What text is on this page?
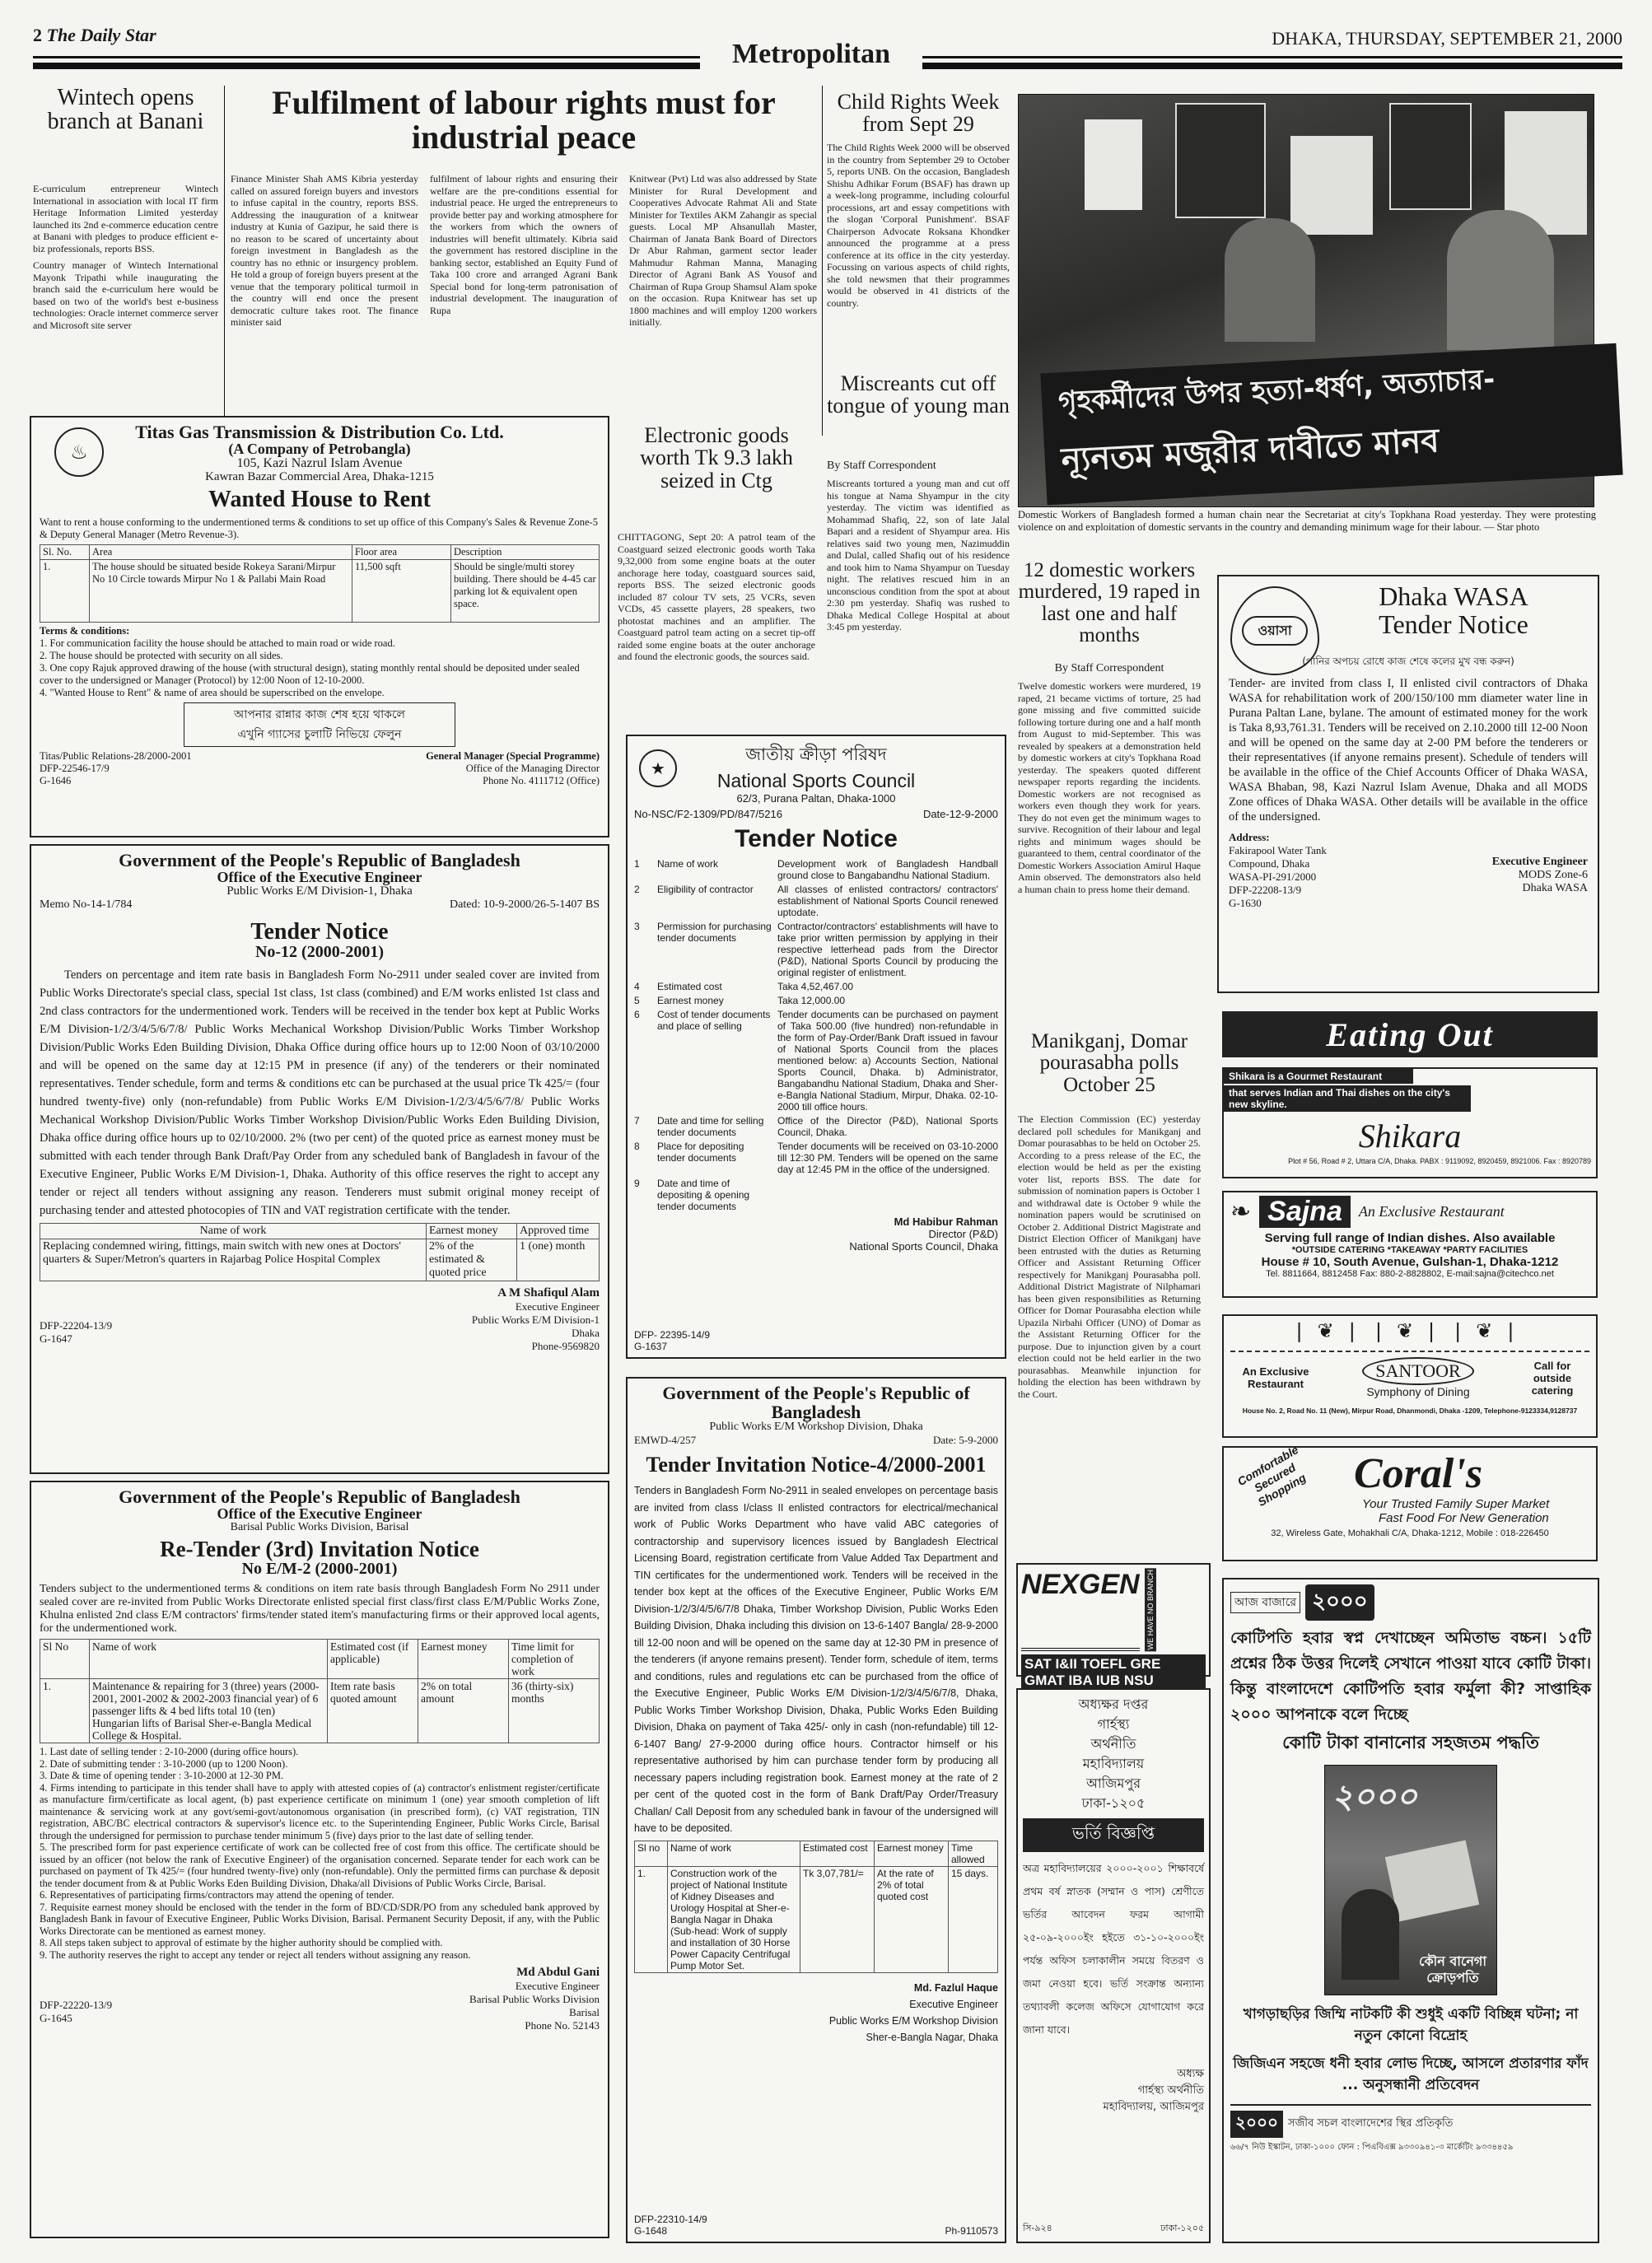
2 The Daily Star
Metropolitan
DHAKA, THURSDAY, SEPTEMBER 21, 2000
Wintech opens branch at Banani
E-curriculum entrepreneur Wintech International in association with local IT firm Heritage Information Limited yesterday launched its 2nd e-commerce education centre at Banani with pledges to produce efficient e-biz professionals, reports BSS.
Country manager of Wintech International Mayonk Tripathi while inaugurating the branch said the e-curriculum here would be based on two of the world's best e-business technologies: Oracle internet commerce server and Microsoft site server
Fulfilment of labour rights must for industrial peace
Finance Minister Shah AMS Kibria yesterday called on assured foreign buyers and investors to infuse capital in the country, reports BSS. Addressing the inauguration of a knitwear industry at Kunia of Gazipur, he said there is no reason to be scared of uncertainty about foreign investment in Bangladesh as the country has no ethnic or insurgency problem. He told a group of foreign buyers present at the venue that the temporary political turmoil in the country will end once the present democratic culture takes root. The finance minister said
fulfilment of labour rights and ensuring their welfare are the pre-conditions essential for industrial peace. He urged the entrepreneurs to provide better pay and working atmosphere for the workers from which the owners of industries will benefit ultimately. Kibria said the government has restored discipline in the banking sector, established an Equity Fund of Taka 100 crore and arranged Agrani Bank Special bond for long-term patronisation of industrial development. The inauguration of Rupa
Knitwear (Pvt) Ltd was also addressed by State Minister for Rural Development and Cooperatives Advocate Rahmat Ali and State Minister for Textiles AKM Zahangir as special guests. Local MP Ahsanullah Master, Chairman of Janata Bank Board of Directors Dr Abur Rahman, garment sector leader Mahmudur Rahman Manna, Managing Director of Agrani Bank AS Yousof and Chairman of Rupa Group Shamsul Alam spoke on the occasion. Rupa Knitwear has set up 1800 machines and will employ 1200 workers initially.
Child Rights Week from Sept 29
The Child Rights Week 2000 will be observed in the country from September 29 to October 5, reports UNB. On the occasion, Bangladesh Shishu Adhikar Forum (BSAF) has drawn up a week-long programme, including colourful processions, art and essay competitions with the slogan 'Corporal Punishment'. BSAF Chairperson Advocate Roksana Khondker announced the programme at a press conference at its office in the city yesterday. Focussing on various aspects of child rights, she told newsmen that their programmes would be observed in 41 districts of the country.
Miscreants cut off tongue of young man
By Staff Correspondent
Miscreants tortured a young man and cut off his tongue at Nama Shyampur in the city yesterday. The victim was identified as Mohammad Shafiq, 22, son of late Jalal Bapari and a resident of Shyampur area. His relatives said two young men, Nazimuddin and Dulal, called Shafiq out of his residence and took him to Nama Shyampur on Tuesday night. The relatives rescued him in an unconscious condition from the spot at about 2:30 pm yesterday. Shafiq was rushed to Dhaka Medical College Hospital at about 3:45 pm yesterday.
Electronic goods worth Tk 9.3 lakh seized in Ctg
CHITTAGONG, Sept 20: A patrol team of the Coastguard seized electronic goods worth Taka 9,32,000 from some engine boats at the outer anchorage here today, coastguard sources said, reports BSS. The seized electronic goods included 87 colour TV sets, 25 VCRs, seven VCDs, 45 cassette players, 28 speakers, two photostat machines and an amplifier. The Coastguard patrol team acting on a secret tip-off raided some engine boats at the outer anchorage and found the electronic goods, the sources said.
গৃহকর্মীদের উপর হত্যা-ধর্ষণ, অত্যাচার-
ন্যূনতম মজুরীর দাবীতে মানব
Domestic Workers of Bangladesh formed a human chain near the Secretariat at city's Topkhana Road yesterday. They were protesting violence on and exploitation of domestic servants in the country and demanding minimum wage for their labour. — Star photo
12 domestic workers murdered, 19 raped in last one and half months
By Staff Correspondent
Twelve domestic workers were murdered, 19 raped, 21 became victims of torture, 25 had gone missing and five committed suicide following torture during one and a half month from August to mid-September. This was revealed by speakers at a demonstration held by domestic workers at city's Topkhana Road yesterday. The speakers quoted different newspaper reports regarding the incidents. Domestic workers are not recognised as workers even though they work for years. They do not even get the minimum wages to survive. Recognition of their labour and legal rights and minimum wages should be guaranteed to them, central coordinator of the Domestic Workers Association Amirul Haque Amin observed. The demonstrators also held a human chain to press home their demand.
Manikganj, Domar pourasabha polls October 25
The Election Commission (EC) yesterday declared poll schedules for Manikganj and Domar pourasabhas to be held on October 25. According to a press release of the EC, the election would be held as per the existing voter list, reports BSS. The date for submission of nomination papers is October 1 and withdrawal date is October 9 while the nomination papers would be scrutinised on October 2. Additional District Magistrate and District Election Officer of Manikganj have been entrusted with the duties as Returning Officer and Assistant Returning Officer respectively for Manikganj Pourasabha poll. Additional District Magistrate of Nilphamari has been given responsibilities as Returning Officer for Domar Pourasabha election while Upazila Nirbahi Officer (UNO) of Domar as the Assistant Returning Officer for the purpose. Due to injunction given by a court election could not be held earlier in the two pourasabhas. Meanwhile injunction for holding the election has been withdrawn by the Court.
♨
Titas Gas Transmission & Distribution Co. Ltd.
(A Company of Petrobangla)
105, Kazi Nazrul Islam Avenue
Kawran Bazar Commercial Area, Dhaka-1215
Wanted House to Rent
Want to rent a house conforming to the undermentioned terms & conditions to set up office of this Company's Sales & Revenue Zone-5 & Deputy General Manager (Metro Revenue-3).
Sl. No.	Area	Floor area	Description
1.	The house should be situated beside Rokeya Sarani/Mirpur No 10 Circle towards Mirpur No 1 & Pallabi Main Road	11,500 sqft	Should be single/multi storey building. There should be 4-45 car parking lot & equivalent open space.
Terms & conditions:
1. For communication facility the house should be attached to main road or wide road.
2. The house should be protected with security on all sides.
3. One copy Rajuk approved drawing of the house (with structural design), stating monthly rental should be deposited under sealed cover to the undersigned or Manager (Protocol) by 12:00 Noon of 12-10-2000.
4. "Wanted House to Rent" & name of area should be superscribed on the envelope.
আপনার রান্নার কাজ শেষ হয়ে থাকলে
এখুনি গ্যাসের চুলাটি নিভিয়ে ফেলুন
Titas/Public Relations-28/2000-2001
DFP-22546-17/9
G-1646
General Manager (Special Programme)
Office of the Managing Director
Phone No. 4111712 (Office)
Government of the People's Republic of Bangladesh
Office of the Executive Engineer
Public Works E/M Division-1, Dhaka
Memo No-14-1/784	Dated: 10-9-2000/26-5-1407 BS
Tender Notice
No-12 (2000-2001)
Tenders on percentage and item rate basis in Bangladesh Form No-2911 under sealed cover are invited from Public Works Directorate's special class, special 1st class, 1st class (combined) and E/M works enlisted 1st class and 2nd class contractors for the undermentioned work. Tenders will be received in the tender box kept at Public Works E/M Division-1/2/3/4/5/6/7/8/ Public Works Mechanical Workshop Division/Public Works Timber Workshop Division/Public Works Eden Building Division, Dhaka Office during office hours up to 12:00 Noon of 03/10/2000 and will be opened on the same day at 12:15 PM in presence (if any) of the tenderers or their nominated representatives. Tender schedule, form and terms & conditions etc can be purchased at the usual price Tk 425/= (four hundred twenty-five) only (non-refundable) from Public Works E/M Division-1/2/3/4/5/6/7/8/ Public Works Mechanical Workshop Division/Public Works Timber Workshop Division/Public Works Eden Building Division, Dhaka office during office hours up to 02/10/2000. 2% (two per cent) of the quoted price as earnest money must be submitted with each tender through Bank Draft/Pay Order from any scheduled bank of Bangladesh in favour of the Executive Engineer, Public Works E/M Division-1, Dhaka. Authority of this office reserves the right to accept any tender or reject all tenders without assigning any reason. Tenderers must submit original money receipt of purchasing tender and attested photocopies of TIN and VAT registration certificate with the tender.
Name of work	Earnest money	Approved time
Replacing condemned wiring, fittings, main switch with new ones at Doctors' quarters & Super/Metron's quarters in Rajarbag Police Hospital Complex	2% of the estimated & quoted price	1 (one) month
DFP-22204-13/9
G-1647
A M Shafiqul Alam
Executive Engineer
Public Works E/M Division-1
Dhaka
Phone-9569820
Government of the People's Republic of Bangladesh
Office of the Executive Engineer
Barisal Public Works Division, Barisal
Re-Tender (3rd) Invitation Notice
No E/M-2 (2000-2001)
Tenders subject to the undermentioned terms & conditions on item rate basis through Bangladesh Form No 2911 under sealed cover are re-invited from Public Works Directorate enlisted special first class/first class E/M/Public Works Zone, Khulna enlisted 2nd class E/M contractors' firms/tender stated item's manufacturing firms or their approved local agents, for the undermentioned work.
Sl No	Name of work	Estimated cost (if applicable)	Earnest money	Time limit for completion of work
1.	Maintenance & repairing for 3 (three) years (2000-2001, 2001-2002 & 2002-2003 financial year) of 6 passenger lifts & 4 bed lifts total 10 (ten) Hungarian lifts of Barisal Sher-e-Bangla Medical College & Hospital.	Item rate basis quoted amount	2% on total amount	36 (thirty-six) months
1. Last date of selling tender : 2-10-2000 (during office hours).
2. Date of submitting tender : 3-10-2000 (up to 1200 Noon).
3. Date & time of opening tender : 3-10-2000 at 12-30 PM.
4. Firms intending to participate in this tender shall have to apply with attested copies of (a) contractor's enlistment register/certificate as manufacture firm/certificate as local agent, (b) past experience certificate on minimum 1 (one) year smooth completion of lift maintenance & servicing work at any govt/semi-govt/autonomous organisation (in prescribed form), (c) VAT registration, TIN registration, ABC/BC electrical contractors & supervisor's licence etc. to the Superintending Engineer, Public Works Circle, Barisal through the undersigned for permission to purchase tender minimum 5 (five) days prior to the last date of selling tender.
5. The prescribed form for past experience certificate of work can be collected free of cost from this office. The certificate should be issued by an officer (not below the rank of Executive Engineer) of the organisation concerned. Separate tender for each work can be purchased on payment of Tk 425/= (four hundred twenty-five) only (non-refundable). Only the permitted firms can purchase & deposit the tender document from & at Public Works Eden Building Division, Dhaka/all Divisions of Public Works Circle, Barisal.
6. Representatives of participating firms/contractors may attend the opening of tender.
7. Requisite earnest money should be enclosed with the tender in the form of BD/CD/SDR/PO from any scheduled bank approved by Bangladesh Bank in favour of Executive Engineer, Public Works Division, Barisal. Permanent Security Deposit, if any, with the Public Works Directorate can be mentioned as earnest money.
8. All steps taken subject to approval of estimate by the higher authority should be complied with.
9. The authority reserves the right to accept any tender or reject all tenders without assigning any reason.
DFP-22220-13/9
G-1645
Md Abdul Gani
Executive Engineer
Barisal Public Works Division
Barisal
Phone No. 52143
★
জাতীয় ক্রীড়া পরিষদ
National Sports Council
62/3, Purana Paltan, Dhaka-1000
No-NSC/F2-1309/PD/847/5216	Date-12-9-2000
Tender Notice
1	Name of work	Development work of Bangladesh Handball ground close to Bangabandhu National Stadium.
2	Eligibility of contractor	All classes of enlisted contractors/ contractors' establishment of National Sports Council renewed uptodate.
3	Permission for purchasing tender documents
Contractor/contractors' establishments will have to take prior written permission by applying in their respective letterhead pads from the Director (P&D), National Sports Council by producing the original register of enlistment.
4	Estimated cost	Taka 4,52,467.00
5	Earnest money	Taka 12,000.00
6	Cost of tender documents and place of selling
Tender documents can be purchased on payment of Taka 500.00 (five hundred) non-refundable in the form of Pay-Order/Bank Draft issued in favour of National Sports Council from the places mentioned below: a) Accounts Section, National Sports Council, Dhaka. b) Administrator, Bangabandhu National Stadium, Dhaka and Sher-e-Bangla National Stadium, Mirpur, Dhaka. 02-10-2000 till office hours.
7	Date and time for selling tender documents
Office of the Director (P&D), National Sports Council, Dhaka.
8	Place for depositing tender documents
Tender documents will be received on 03-10-2000 till 12:30 PM. Tenders will be opened on the same day at 12:45 PM in the office of the undersigned.
9	Date and time of depositing & opening tender documents
Md Habibur Rahman
Director (P&D)
National Sports Council, Dhaka
DFP- 22395-14/9
G-1637
Government of the People's Republic of Bangladesh
Public Works E/M Workshop Division, Dhaka
EMWD-4/257	Date: 5-9-2000
Tender Invitation Notice-4/2000-2001
Tenders in Bangladesh Form No-2911 in sealed envelopes on percentage basis are invited from class I/class II enlisted contractors for electrical/mechanical work of Public Works Department who have valid ABC categories of contractorship and supervisory licences issued by Bangladesh Electrical Licensing Board, registration certificate from Value Added Tax Department and TIN certificates for the undermentioned work. Tenders will be received in the tender box kept at the offices of the Executive Engineer, Public Works E/M Division-1/2/3/4/5/6/7/8 Dhaka, Timber Workshop Division, Public Works Eden Building Division, Dhaka including this division on 13-6-1407 Bangla/ 28-9-2000 till 12-00 noon and will be opened on the same day at 12-30 PM in presence of the tenderers (if anyone remains present). Tender form, schedule of item, terms and conditions, rules and regulations etc can be purchased from the office of the Executive Engineer, Public Works E/M Division-1/2/3/4/5/6/7/8, Dhaka, Public Works Timber Workshop Division, Dhaka, Public Works Eden Building Division, Dhaka on payment of Taka 425/- only in cash (non-refundable) till 12-6-1407 Bang/ 27-9-2000 during office hours. Contractor himself or his representative authorised by him can purchase tender form by producing all necessary papers including registration book. Earnest money at the rate of 2 per cent of the quoted cost in the form of Bank Draft/Pay Order/Treasury Challan/ Call Deposit from any scheduled bank in favour of the undersigned will have to be deposited.
Sl no	Name of work	Estimated cost	Earnest money	Time allowed
1.	Construction work of the project of National Institute of Kidney Diseases and Urology Hospital at Sher-e-Bangla Nagar in Dhaka (Sub-head: Work of supply and installation of 30 Horse Power Capacity Centrifugal Pump Motor Set.	Tk 3,07,781/=	At the rate of 2% of total quoted cost	15 days.
Md. Fazlul Haque
Executive Engineer
Public Works E/M Workshop Division
Sher-e-Bangla Nagar, Dhaka
DFP-22310-14/9
G-1648	Ph-9110573
ওয়াসা
Dhaka WASA
Tender Notice
(পানির অপচয় রোধে কাজ শেষে কলের মুখ বন্ধ করুন)
Tender- are invited from class I, II enlisted civil contractors of Dhaka WASA for rehabilitation work of 200/150/100 mm diameter water line in Purana Paltan Lane, bylane. The amount of estimated money for the work is Taka 8,93,761.31. Tenders will be received on 2.10.2000 till 12-00 Noon and will be opened on the same day at 2-00 PM before the tenderers or their representatives (if anyone remains present). Schedule of tenders will be available in the office of the Chief Accounts Officer of Dhaka WASA, WASA Bhaban, 98, Kazi Nazrul Islam Avenue, Dhaka and all MODS Zone offices of Dhaka WASA. Other details will be available in the office of the undersigned.
Address:
Fakirapool Water Tank
Compound, Dhaka
WASA-PI-291/2000
DFP-22208-13/9
G-1630
Executive Engineer
MODS Zone-6
Dhaka WASA
Eating Out
Shikara is a Gourmet Restaurant
that serves Indian and Thai dishes on the city's new skyline.
Shikara
Plot # 56, Road # 2, Uttara C/A, Dhaka. PABX : 9119092, 8920459, 8921006. Fax : 8920789
❧ Sajna	An Exclusive Restaurant
Serving full range of Indian dishes. Also available
*OUTSIDE CATERING *TAKEAWAY *PARTY FACILITIES
House # 10, South Avenue, Gulshan-1, Dhaka-1212
Tel. 8811664, 8812458 Fax: 880-2-8828802, E-mail:sajna@citechco.net
❘❦❘❘❦❘❘❦❘
An Exclusive Restaurant
SANTOOR
Symphony of Dining
Call for outside catering
House No. 2, Road No. 11 (New), Mirpur Road, Dhanmondi, Dhaka -1209, Telephone-9123334,9128737
Comfortable Secured Shopping	Coral's
Your Trusted Family Super Market
Fast Food For New Generation
32, Wireless Gate, Mohakhali C/A, Dhaka-1212, Mobile : 018-226450
NEXGEN WE HAVE NO BRANCH
SAT I&II TOEFL GRE GMAT IBA IUB NSU
অধ্যক্ষর দপ্তর
গার্হস্থ্য
অর্থনীতি
মহাবিদ্যালয়
আজিমপুর
ঢাকা-১২০৫
ভর্তি বিজ্ঞপ্তি
অত্র মহাবিদ্যালয়ের ২০০০-২০০১ শিক্ষাবর্ষে প্রথম বর্ষ স্নাতক (সম্মান ও পাস) শ্রেণীতে ভর্তির আবেদন ফরম আগামী ২৫-০৯-২০০০ইং হইতে ৩১-১০-২০০০ইং পর্যন্ত অফিস চলাকালীন সময়ে বিতরণ ও জমা নেওয়া হবে। ভর্তি সংক্রান্ত অন্যান্য তথ্যাবলী কলেজ অফিসে যোগাযোগ করে জানা যাবে।
অধ্যক্ষ
গার্হস্থ্য অর্থনীতি
মহাবিদ্যালয়, আজিমপুর
সি-৯২৪	ঢাকা-১২০৫
আজ বাজারে ২০০০
কোটিপতি হবার স্বপ্ন দেখাচ্ছেন অমিতাভ বচ্চন। ১৫টি প্রশ্নের ঠিক উত্তর দিলেই সেখানে পাওয়া যাবে কোটি টাকা। কিন্তু বাংলাদেশে কোটিপতি হবার ফর্মুলা কী? সাপ্তাহিক ২০০০ আপনাকে বলে দিচ্ছে
কোটি টাকা বানানোর সহজতম পদ্ধতি
২০০০
কৌন বানেগা ক্রোড়পতি
খাগড়াছড়ির জিম্মি নাটকটি কী শুধুই একটি বিচ্ছিন্ন ঘটনা; না নতুন কোনো বিদ্রোহ
জিজিএন সহজে ধনী হবার লোভ দিচ্ছে, আসলে প্রতারণার ফাঁদ ... অনুসন্ধানী প্রতিবেদন
২০০০ সজীব সচল বাংলাদেশের স্থির প্রতিকৃতি
৬৬/৭ নিউ ইস্কাটন, ঢাকা-১০০০ ফোন : পিএবিএক্স ৯৩৩০৯৪১-৩ মার্কেটিং ৯৩৩৪৪৫৯
